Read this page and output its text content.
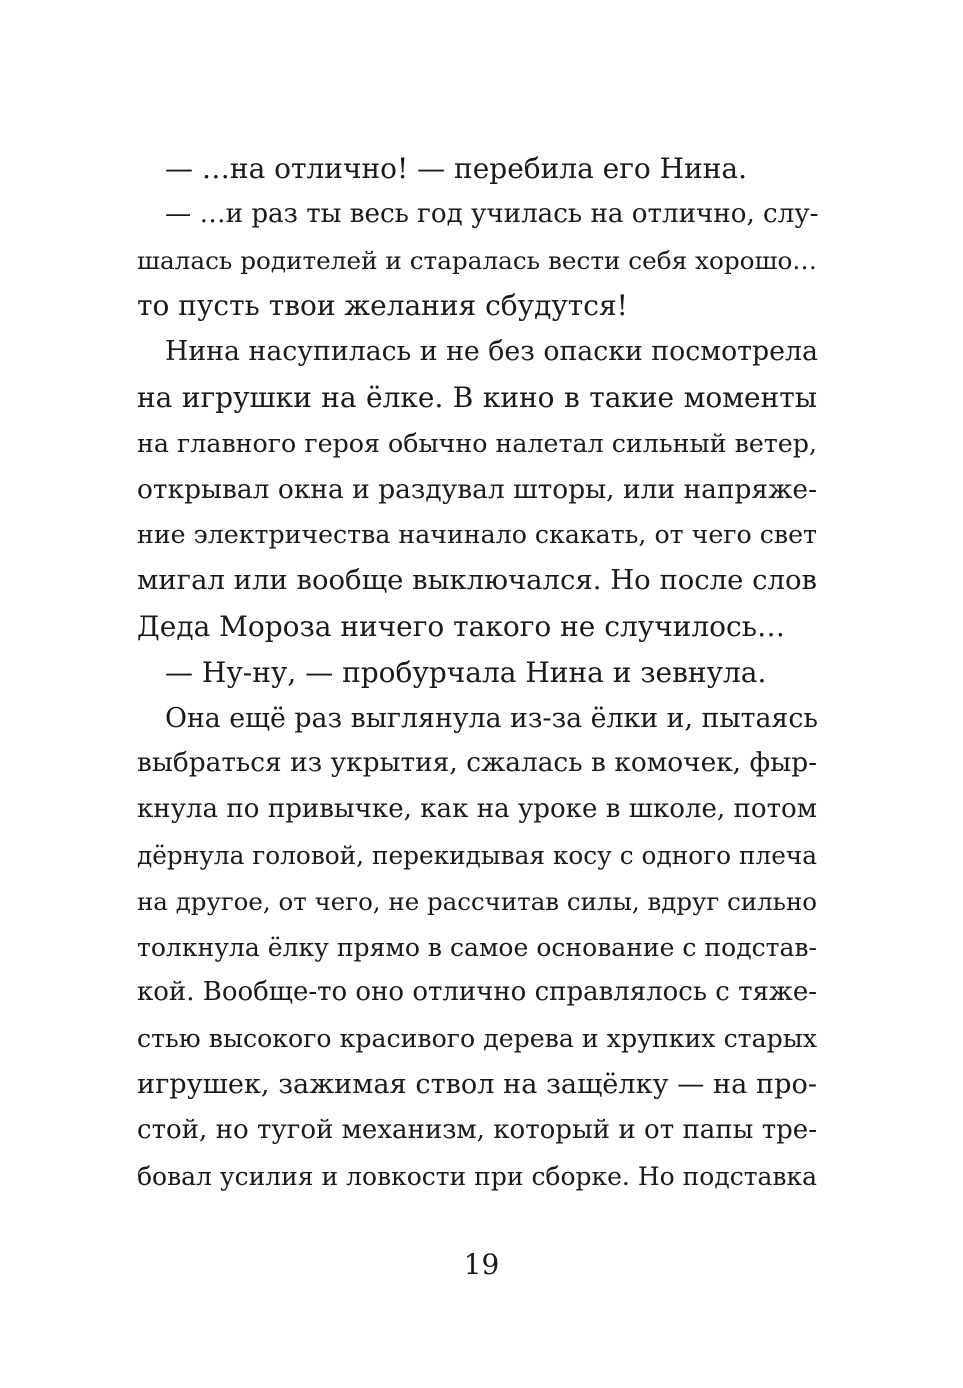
— …на отлично! — перебила его Нина.
— …и раз ты весь год училась на отлично, слу-
шалась родителей и старалась вести себя хорошо…
то пусть твои желания сбудутся!
Нина насупилась и не без опаски посмотрела
на игрушки на ёлке. В кино в такие моменты
на главного героя обычно налетал сильный ветер,
открывал окна и раздувал шторы, или напряже-
ние электричества начинало скакать, от чего свет
мигал или вообще выключался. Но после слов
Деда Мороза ничего такого не случилось…
— Ну-ну, — пробурчала Нина и зевнула.
Она ещё раз выглянула из-за ёлки и, пытаясь
выбраться из укрытия, сжалась в комочек, фыр-
кнула по привычке, как на уроке в школе, потом
дёрнула головой, перекидывая косу с одного плеча
на другое, от чего, не рассчитав силы, вдруг сильно
толкнула ёлку прямо в самое основание с подстав-
кой. Вообще-то оно отлично справлялось с тяже-
стью высокого красивого дерева и хрупких старых
игрушек, зажимая ствол на защёлку — на про-
стой, но тугой механизм, который и от папы тре-
бовал усилия и ловкости при сборке. Но подставка
19
